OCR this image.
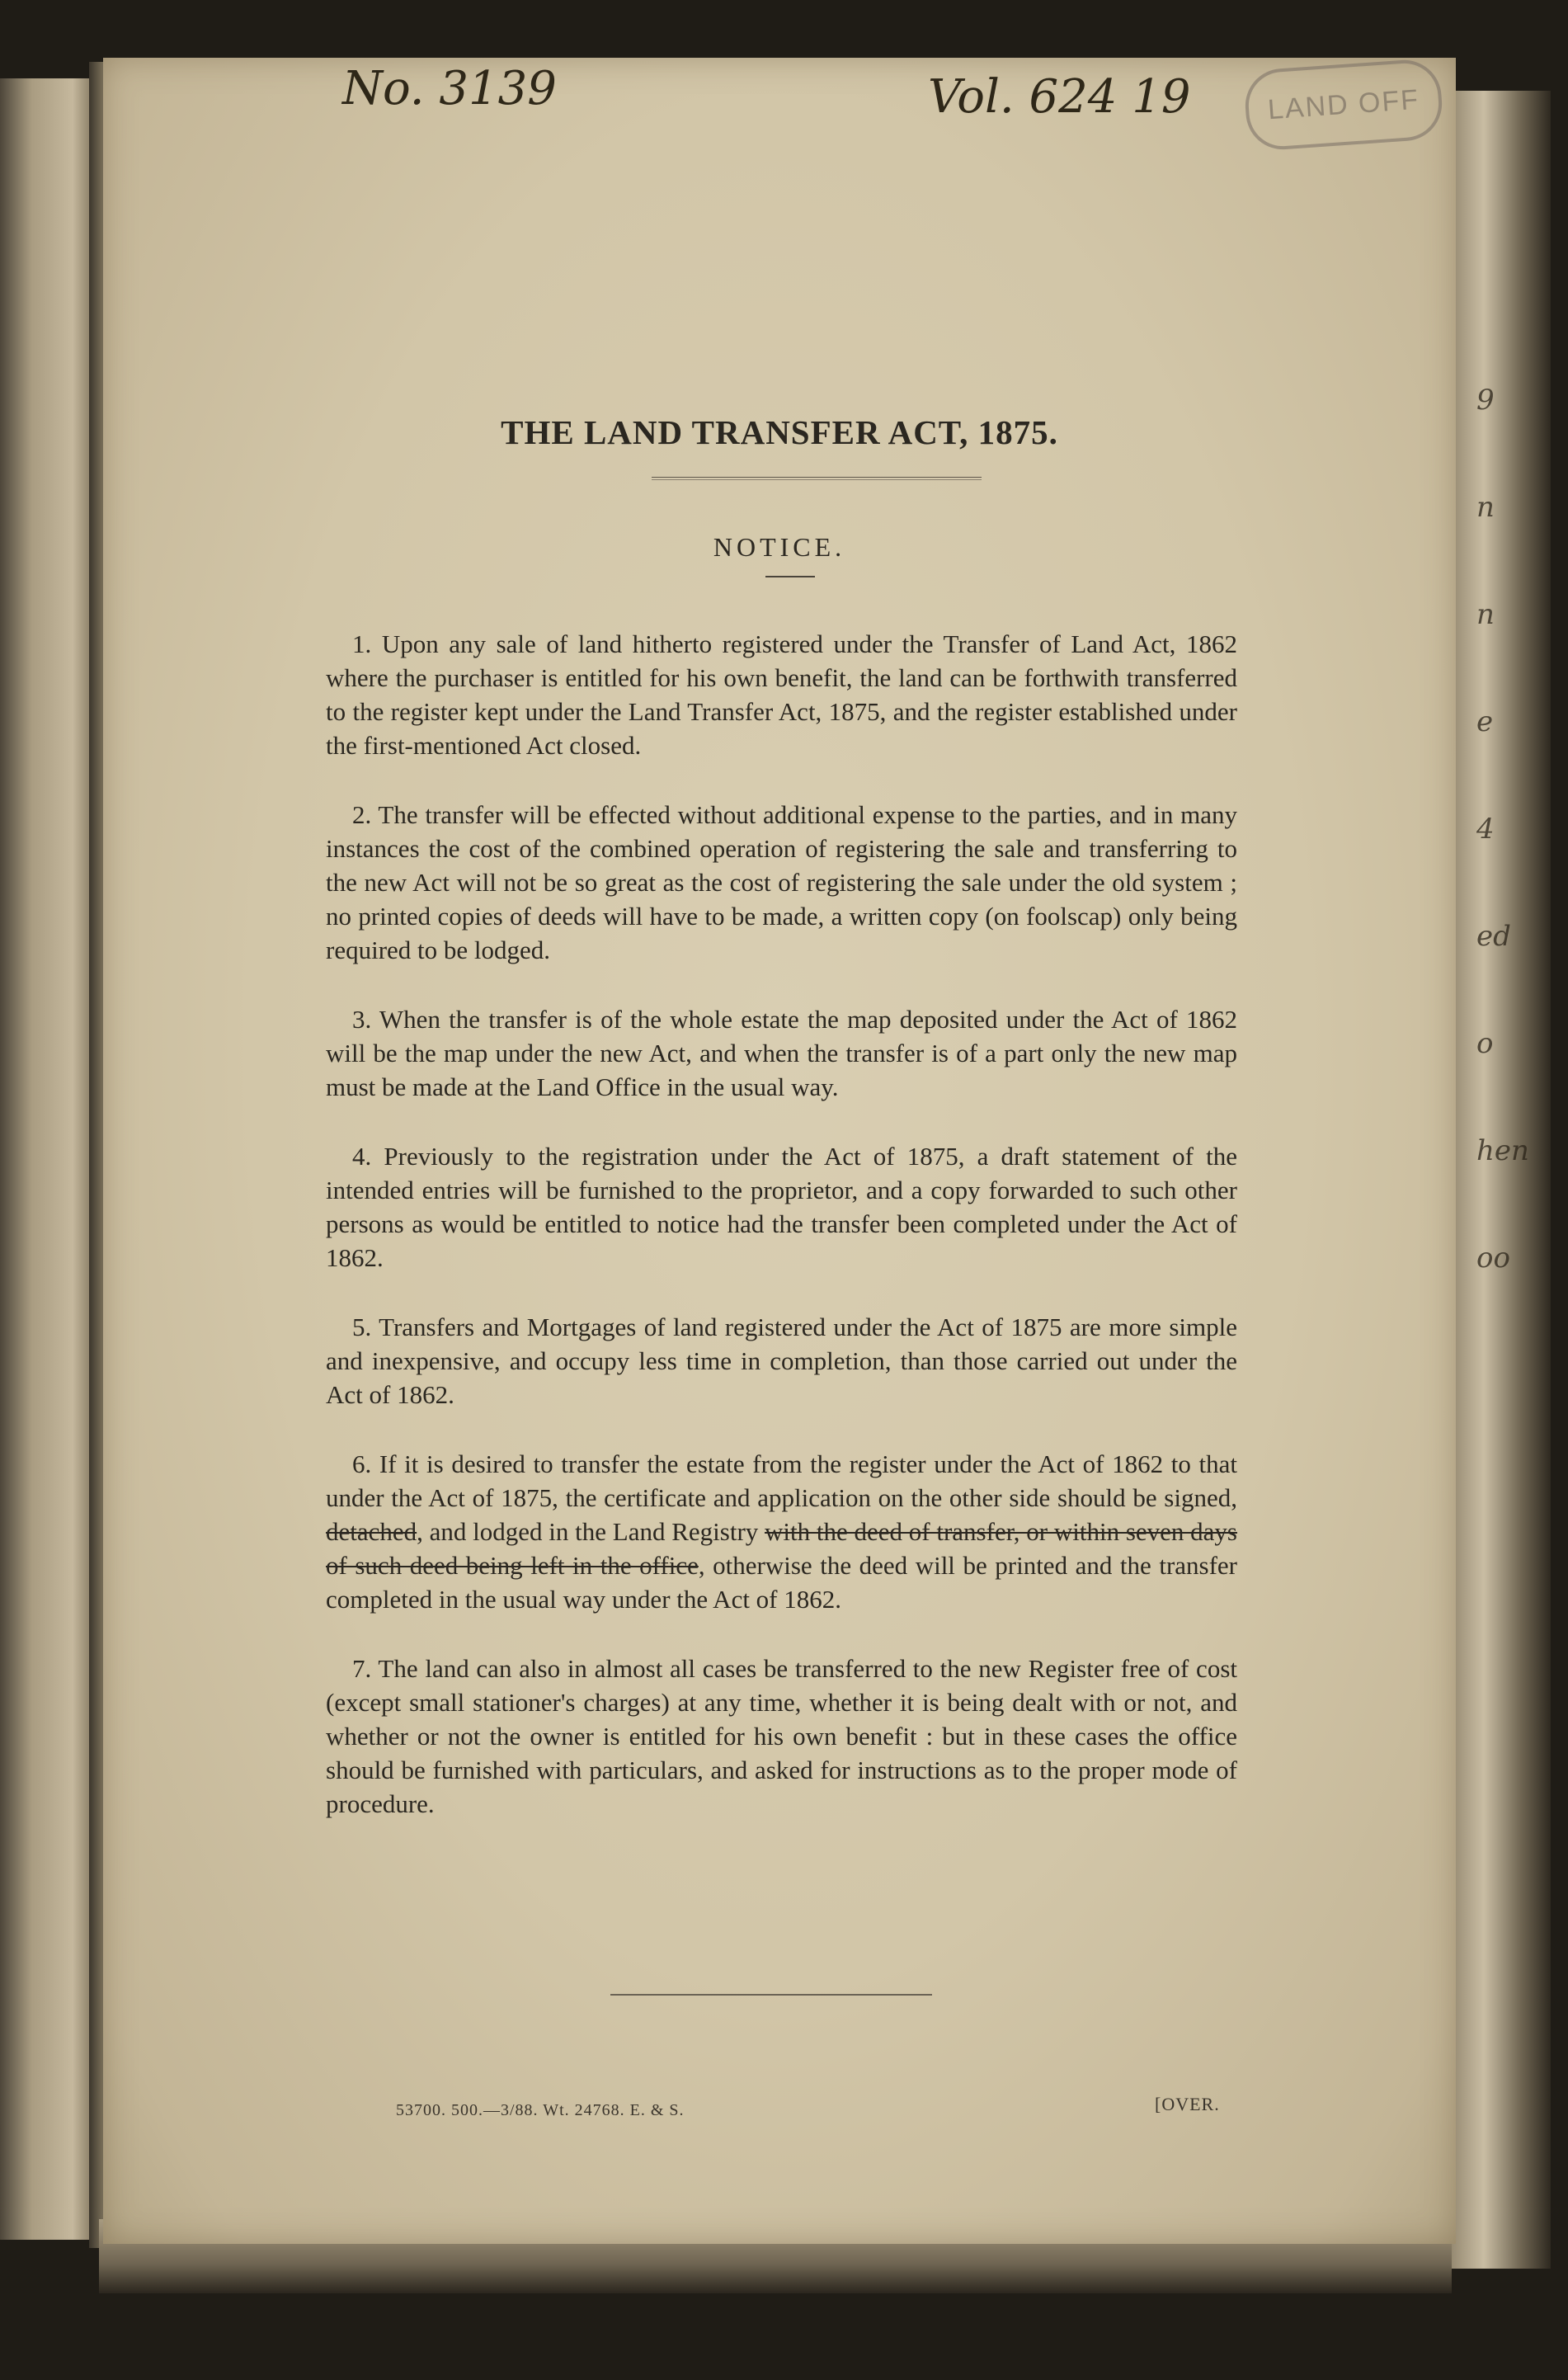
9
n
n
e
4
ed
o
hen
oo
No. 3139	Vol. 624 19	LAND OFF
THE LAND TRANSFER ACT, 1875.
NOTICE.

1. Upon any sale of land hitherto registered under the Transfer of Land Act, 1862 where the purchaser is entitled for his own benefit, the land can be forthwith transferred to the register kept under the Land Transfer Act, 1875, and the register established under the first-mentioned Act closed.

2. The transfer will be effected without additional expense to the parties, and in many instances the cost of the combined operation of registering the sale and transferring to the new Act will not be so great as the cost of registering the sale under the old system ; no printed copies of deeds will have to be made, a written copy (on foolscap) only being required to be lodged.

3. When the transfer is of the whole estate the map deposited under the Act of 1862 will be the map under the new Act, and when the transfer is of a part only the new map must be made at the Land Office in the usual way.

4. Previously to the registration under the Act of 1875, a draft statement of the intended entries will be furnished to the proprietor, and a copy forwarded to such other persons as would be entitled to notice had the transfer been completed under the Act of 1862.

5. Transfers and Mortgages of land registered under the Act of 1875 are more simple and inexpensive, and occupy less time in completion, than those carried out under the Act of 1862.

6. If it is desired to transfer the estate from the register under the Act of 1862 to that under the Act of 1875, the certificate and application on the other side should be signed, detached, and lodged in the Land Registry with the deed of transfer, or within seven days of such deed being left in the office, otherwise the deed will be printed and the transfer completed in the usual way under the Act of 1862.

7. The land can also in almost all cases be transferred to the new Register free of cost (except small stationer's charges) at any time, whether it is being dealt with or not, and whether or not the owner is entitled for his own benefit : but in these cases the office should be furnished with particulars, and asked for instructions as to the proper mode of procedure.

53700. 500.—3/88. Wt. 24768. E. & S.	[OVER.
